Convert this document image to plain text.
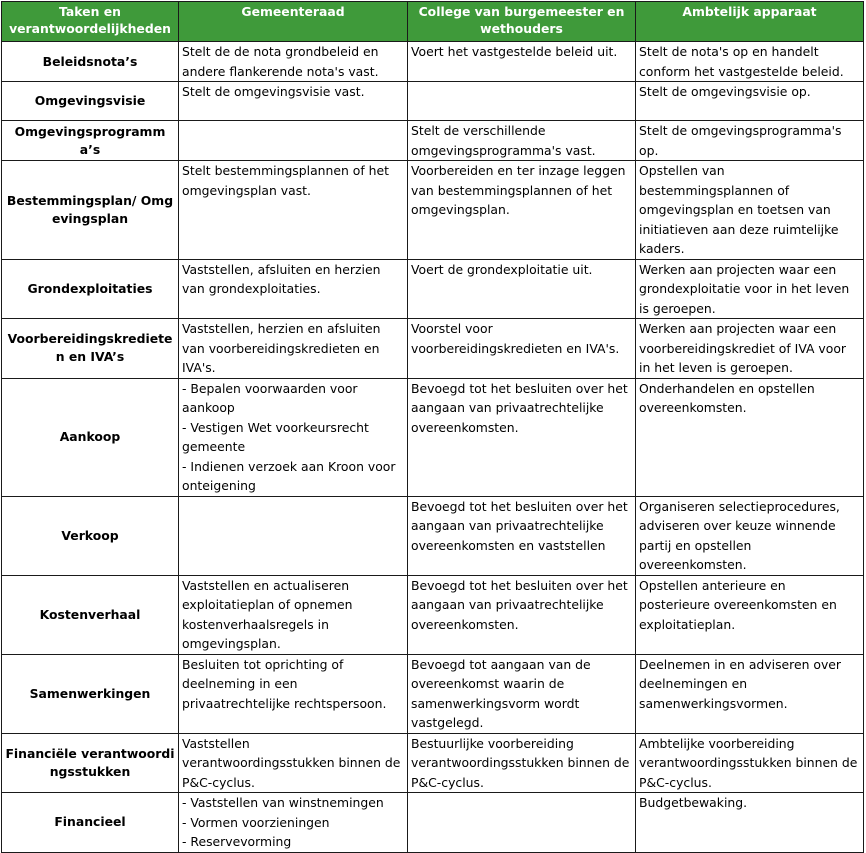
Taken en verantwoordelijkheden	Gemeenteraad	College van burgemeester en wethouders	Ambtelijk apparaat
Beleidsnota’s	Stelt de de nota grondbeleid en andere flankerende nota's vast.	Voert het vastgestelde beleid uit.	Stelt de nota's op en handelt conform het vastgestelde beleid.

Omgevingsvisie	Stelt de omgevingsvisie vast.		Stelt de omgevingsvisie op.

Omgevingsprogramma’s		Stelt de verschillende omgevingsprogramma's vast.	Stelt de omgevingsprogramma's op.

Bestemmingsplan/ Omgevingsplan	Stelt bestemmingsplannen of het omgevingsplan vast.	Voorbereiden en ter inzage leggen van bestemmingsplannen of het omgevingsplan.	Opstellen van bestemmingsplannen of omgevingsplan en toetsen van initiatieven aan deze ruimtelijke kaders.

Grondexploitaties	Vaststellen, afsluiten en herzien van grondexploitaties.	Voert de grondexploitatie uit.	Werken aan projecten waar een grondexploitatie voor in het leven is geroepen.

Voorbereidingskredieten en IVA’s	Vaststellen, herzien en afsluiten van voorbereidingskredieten en IVA's.	Voorstel voor voorbereidingskredieten en IVA's.	Werken aan projecten waar een voorbereidingskrediet of IVA voor in het leven is geroepen.

Aankoop	- Bepalen voorwaarden voor aankoop
- Vestigen Wet voorkeursrecht gemeente
- Indienen verzoek aan Kroon voor onteigening	Bevoegd tot het besluiten over het aangaan van privaatrechtelijke overeenkomsten.	Onderhandelen en opstellen overeenkomsten.

Verkoop		Bevoegd tot het besluiten over het aangaan van privaatrechtelijke overeenkomsten en vaststellen	Organiseren selectieprocedures, adviseren over keuze winnende partij en opstellen overeenkomsten.

Kostenverhaal	Vaststellen en actualiseren exploitatieplan of opnemen kostenverhaalsregels in omgevingsplan.	Bevoegd tot het besluiten over het aangaan van privaatrechtelijke overeenkomsten.	Opstellen anterieure en posterieure overeenkomsten en exploitatieplan.

Samenwerkingen	Besluiten tot oprichting of deelneming in een privaatrechtelijke rechtspersoon.	Bevoegd tot aangaan van de overeenkomst waarin de samenwerkingsvorm wordt vastgelegd.	Deelnemen in en adviseren over deelnemingen en samenwerkingsvormen.

Financiële verantwoordingsstukken	Vaststellen verantwoordingsstukken binnen de P&C-cyclus.	Bestuurlijke voorbereiding verantwoordingsstukken binnen de P&C-cyclus.	Ambtelijke voorbereiding verantwoordingsstukken binnen de P&C-cyclus.

Financieel	- Vaststellen van winstnemingen
- Vormen voorzieningen
- Reservevorming		Budgetbewaking.
